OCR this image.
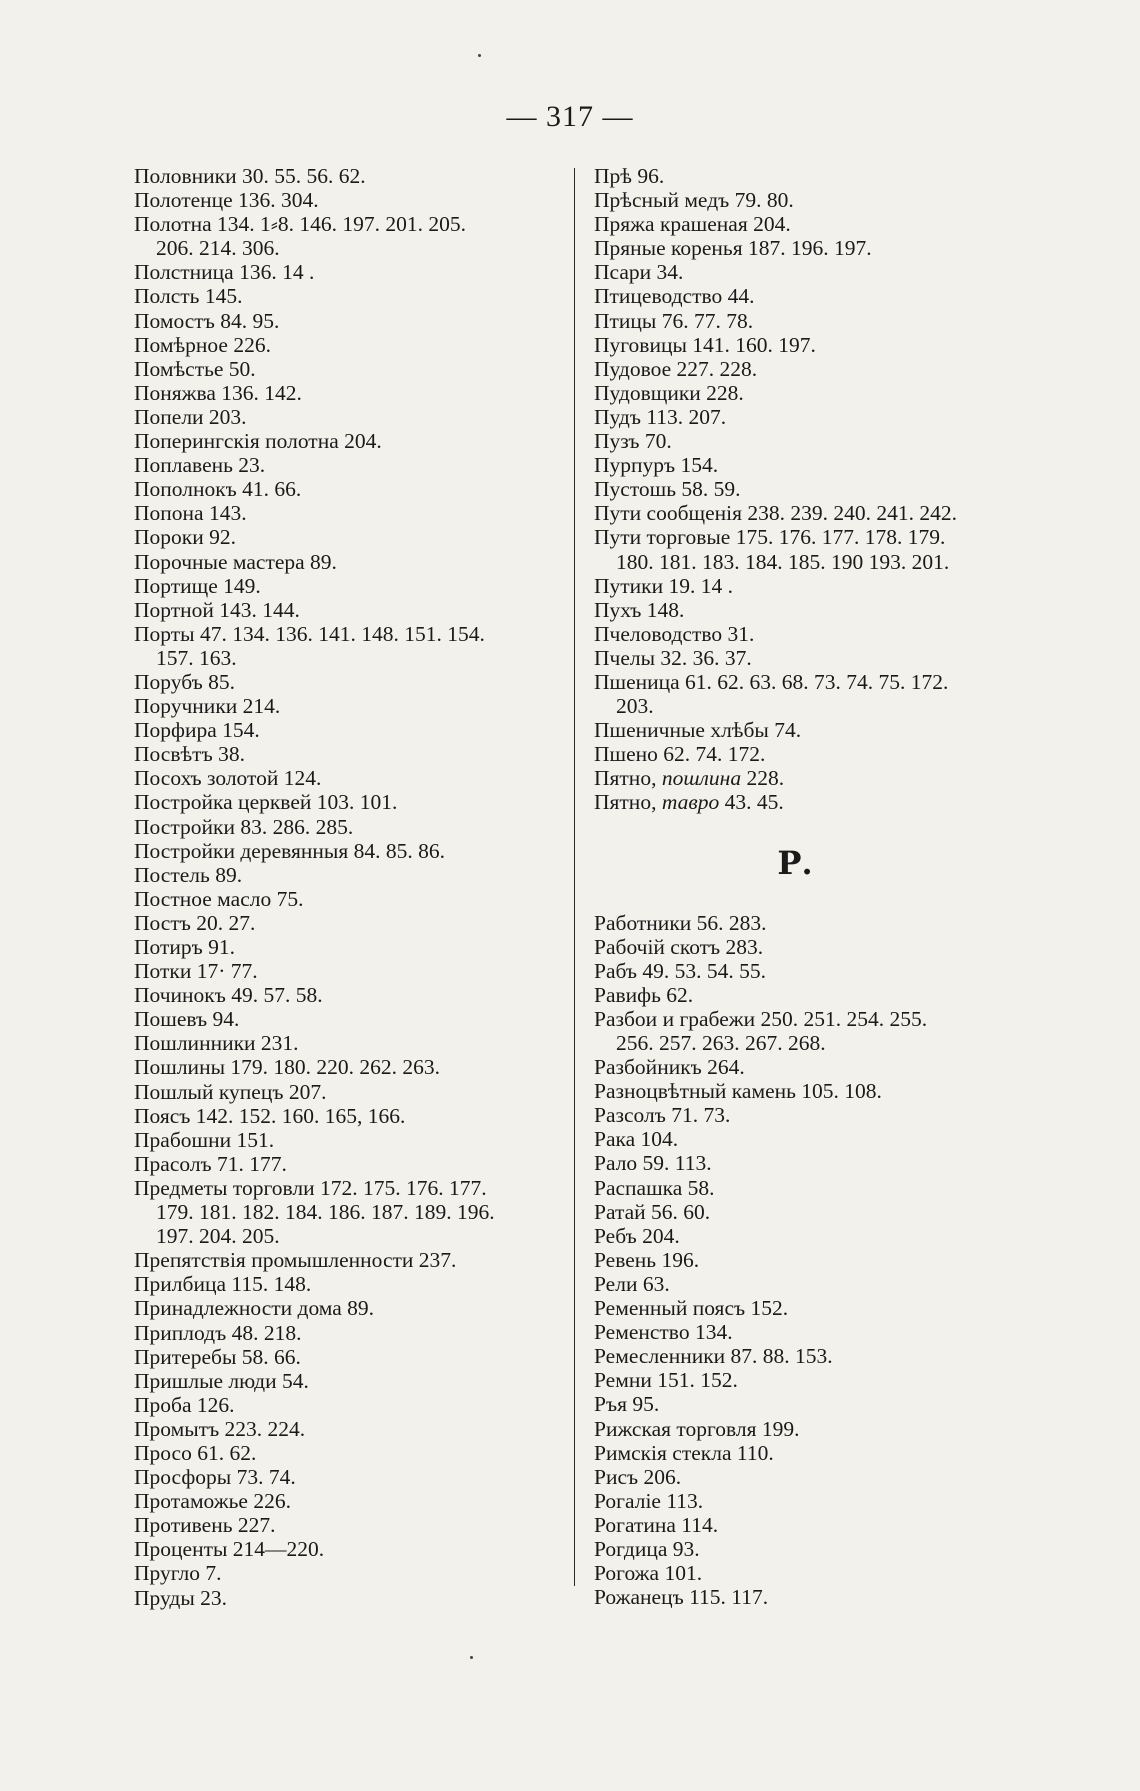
— 317 —
Половники 30. 55. 56. 62.
Полотенце 136. 304.
Полотна 134. 1⸗8. 146. 197. 201. 205.
206. 214. 306.
Полстница 136. 14 .
Полсть 145.
Помостъ 84. 95.
Помѣрное 226.
Помѣстье 50.
Поняжва 136. 142.
Попели 203.
Поперингскія полотна 204.
Поплавень 23.
Пополнокъ 41. 66.
Попона 143.
Пороки 92.
Порочные мастера 89.
Портище 149.
Портной 143. 144.
Порты 47. 134. 136. 141. 148. 151. 154.
157. 163.
Порубъ 85.
Поручники 214.
Порфира 154.
Посвѣтъ 38.
Посохъ золотой 124.
Постройка церквей 103. 101.
Постройки 83. 286. 285.
Постройки деревянныя 84. 85. 86.
Постель 89.
Постное масло 75.
Постъ 20. 27.
Потиръ 91.
Потки 17· 77.
Починокъ 49. 57. 58.
Пошевъ 94.
Пошлинники 231.
Пошлины 179. 180. 220. 262. 263.
Пошлый купецъ 207.
Поясъ 142. 152. 160. 165, 166.
Прабошни 151.
Прасолъ 71. 177.
Предметы торговли 172. 175. 176. 177.
179. 181. 182. 184. 186. 187. 189. 196.
197. 204. 205.
Препятствія промышленности 237.
Прилбица 115. 148.
Принадлежности дома 89.
Приплодъ 48. 218.
Притеребы 58. 66.
Пришлые люди 54.
Проба 126.
Промытъ 223. 224.
Просо 61. 62.
Просфоры 73. 74.
Протаможье 226.
Противень 227.
Проценты 214—220.
Пругло 7.
Пруды 23.
Прѣ 96.
Прѣсный медъ 79. 80.
Пряжа крашеная 204.
Пряные коренья 187. 196. 197.
Псари 34.
Птицеводство 44.
Птицы 76. 77. 78.
Пуговицы 141. 160. 197.
Пудовое 227. 228.
Пудовщики 228.
Пудъ 113. 207.
Пузъ 70.
Пурпуръ 154.
Пустошь 58. 59.
Пути сообщенія 238. 239. 240. 241. 242.
Пути торговые 175. 176. 177. 178. 179.
180. 181. 183. 184. 185. 190 193. 201.
Путики 19. 14 .
Пухъ 148.
Пчеловодство 31.
Пчелы 32. 36. 37.
Пшеница 61. 62. 63. 68. 73. 74. 75. 172.
203.
Пшеничные хлѣбы 74.
Пшено 62. 74. 172.
Пятно, пошлина 228.
Пятно, тавро 43. 45.
Р.
Работники 56. 283.
Рабочій скотъ 283.
Рабъ 49. 53. 54. 55.
Равифь 62.
Разбои и грабежи 250. 251. 254. 255.
256. 257. 263. 267. 268.
Разбойникъ 264.
Разноцвѣтный камень 105. 108.
Разсолъ 71. 73.
Рака 104.
Рало 59. 113.
Распашка 58.
Ратай 56. 60.
Ребъ 204.
Ревень 196.
Рели 63.
Ременный поясъ 152.
Ременство 134.
Ремесленники 87. 88. 153.
Ремни 151. 152.
Ръя 95.
Рижская торговля 199.
Римскія стекла 110.
Рисъ 206.
Рогаліе 113.
Рогатина 114.
Рогдица 93.
Рогожа 101.
Рожанецъ 115. 117.
